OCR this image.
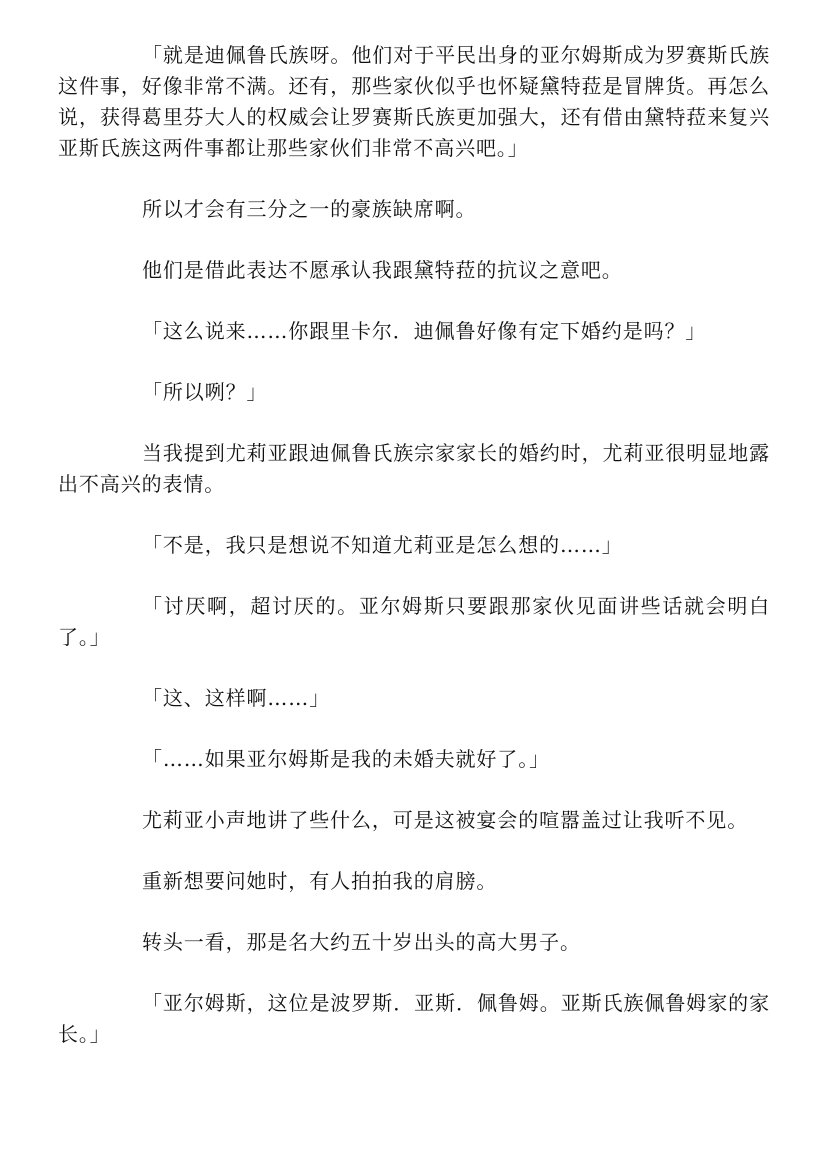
「就是迪佩鲁氏族呀。他们对于平民出身的亚尔姆斯成为罗赛斯氏族这件事，好像非常不满。还有，那些家伙似乎也怀疑黛特菈是冒牌货。再怎么说，获得葛里芬大人的权威会让罗赛斯氏族更加强大，还有借由黛特菈来复兴亚斯氏族这两件事都让那些家伙们非常不高兴吧。」

所以才会有三分之一的豪族缺席啊。

他们是借此表达不愿承认我跟黛特菈的抗议之意吧。

「这么说来……你跟里卡尔．迪佩鲁好像有定下婚约是吗？」

「所以咧？」

当我提到尤莉亚跟迪佩鲁氏族宗家家长的婚约时，尤莉亚很明显地露出不高兴的表情。

「不是，我只是想说不知道尤莉亚是怎么想的……」

「讨厌啊，超讨厌的。亚尔姆斯只要跟那家伙见面讲些话就会明白了。」

「这、这样啊……」

「……如果亚尔姆斯是我的未婚夫就好了。」

尤莉亚小声地讲了些什么，可是这被宴会的喧嚣盖过让我听不见。

重新想要问她时，有人拍拍我的肩膀。

转头一看，那是名大约五十岁出头的高大男子。

「亚尔姆斯，这位是波罗斯．亚斯．佩鲁姆。亚斯氏族佩鲁姆家的家长。」
